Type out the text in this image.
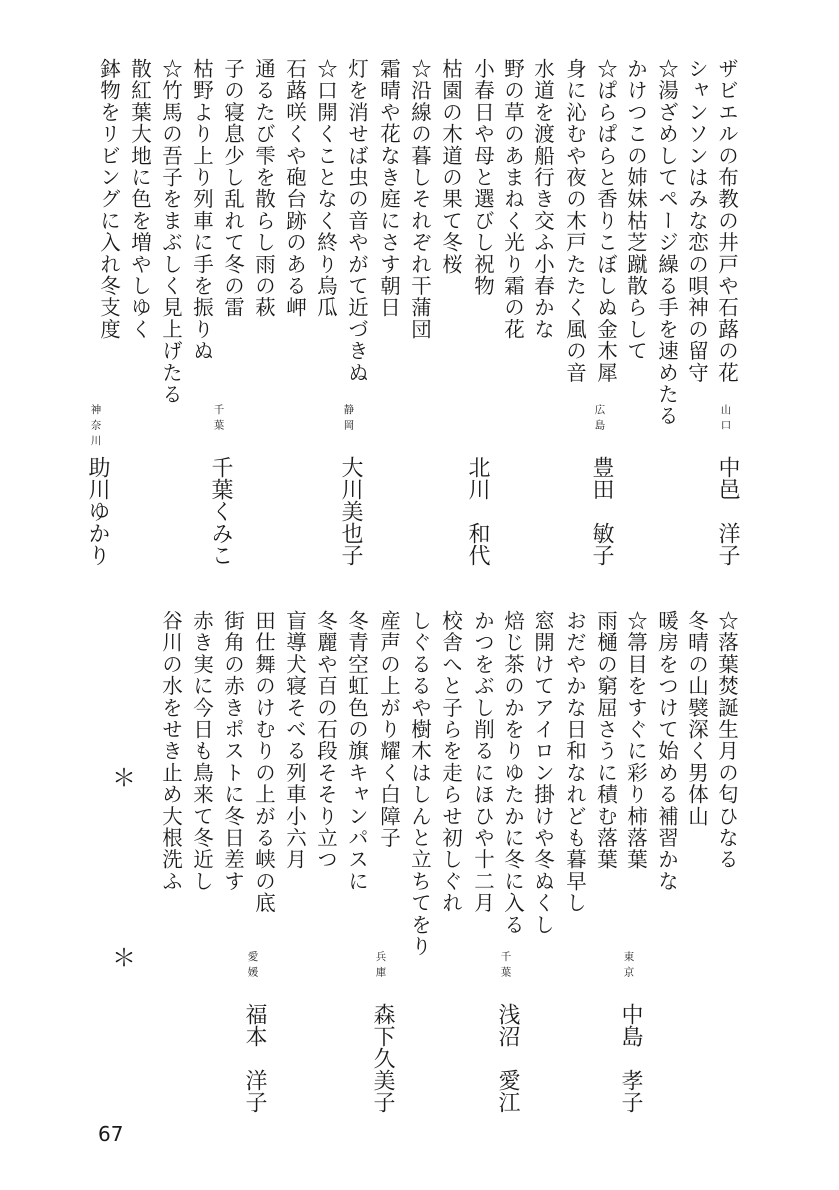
ザビエルの布教の井戸や石蕗の花
シャンソンはみな恋の唄神の留守
☆湯ざめしてページ繰る手を速めたる
かけつこの姉妹枯芝蹴散らして
☆ぱらぱらと香りこぼしぬ金木犀
身に沁むや夜の木戸たたく風の音
水道を渡船行き交ふ小春かな
野の草のあまねく光り霜の花
小春日や母と選びし祝物
枯園の木道の果て冬桜
☆沿線の暮しそれぞれ干蒲団
霜晴や花なき庭にさす朝日
灯を消せば虫の音やがて近づきぬ
☆口開くことなく終り烏瓜
石蕗咲くや砲台跡のある岬
通るたび雫を散らし雨の萩
子の寝息少し乱れて冬の雷
枯野より上り列車に手を振りぬ
☆竹馬の吾子をまぶしく見上げたる
散紅葉大地に色を増やしゆく
鉢物をリビングに入れ冬支度
山口
中邑　洋子
広島
豊田　敏子
北川　和代
静岡
大川美也子
千葉
千葉くみこ
神奈川
助川ゆかり
☆落葉焚誕生月の匂ひなる
冬晴の山襞深く男体山
暖房をつけて始める補習かな
☆箒目をすぐに彩り柿落葉
雨樋の窮屈さうに積む落葉
おだやかな日和なれども暮早し
窓開けてアイロン掛けや冬ぬくし
焙じ茶のかをりゆたかに冬に入る
かつをぶし削るにほひや十二月
校舎へと子らを走らせ初しぐれ
しぐるるや樹木はしんと立ちてをり
産声の上がり耀く白障子
冬青空虹色の旗キャンパスに
冬麗や百の石段そそり立つ
盲導犬寝そべる列車小六月
田仕舞のけむりの上がる峡の底
街角の赤きポストに冬日差す
赤き実に今日も鳥来て冬近し
谷川の水をせき止め大根洗ふ
東京
中島　孝子
千葉
浅沼　愛江
兵庫
森下久美子
愛媛
福本　洋子
＊
＊
67
